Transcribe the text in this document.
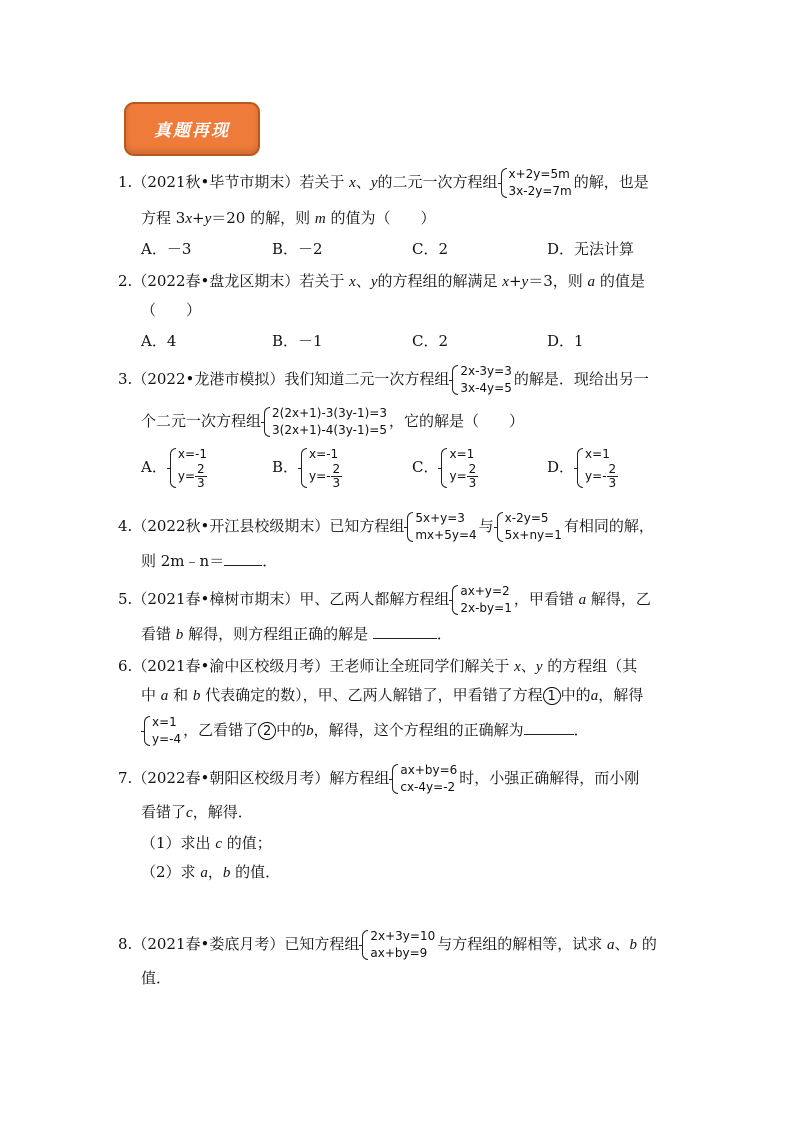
真题再现
1.（2021秋•毕节市期末）若关于 x、y的二元一次方程组 x+2y=5m
3x-2y=7m 的解，也是
方程 3x+y＝20 的解，则 m 的值为（　　）
A．－3	B．－2	C．2	D．无法计算
2.（2022春•盘龙区期末）若关于 x、y的方程组的解满足 x+y＝3，则 a 的值是
（　　）
A．4	B．－1	C．2	D．1
3.（2022•龙港市模拟）我们知道二元一次方程组 2x-3y=3
3x-4y=5 的解是．现给出另一
个二元一次方程组 2(2x+1)-3(3y-1)=3
3(2x+1)-4(3y-1)=5 ，它的解是（　　）
A．
x=-1
$y= \frac{2}{3}$	B．
x=-1
$y=- \frac{2}{3}$	C．
x=1
$y= \frac{2}{3}$	D．
x=1
$y=- \frac{2}{3}$
4.（2022秋•开江县校级期末）已知方程组 5x+y=3
mx+5y=4 与 x-2y=5
5x+ny=1 有相同的解，
则 2m﹣n＝	．
5.（2021春•樟树市期末）甲、乙两人都解方程组 ax+y=2
2x-by=1 ，甲看错 a 解得，乙
看错 b 解得，则方程组正确的解是	．
6.（2021春•渝中区校级月考）王老师让全班同学们解关于 x、y 的方程组（其
中 a 和 b 代表确定的数），甲、乙两人解错了，甲看错了方程 1 中的a，解得
x=1
y=-4 ，乙看错了 2 中的b，解得，这个方程组的正确解为	．
7.（2022春•朝阳区校级月考）解方程组 ax+by=6
cx-4y=-2 时，小强正确解得，而小刚
看错了c，解得．
（1）求出 c 的值；
（2）求 a，b 的值．
8.（2021春•娄底月考）已知方程组 2x+3y=10
ax+by=9 与方程组的解相等，试求 a、b 的
值．
